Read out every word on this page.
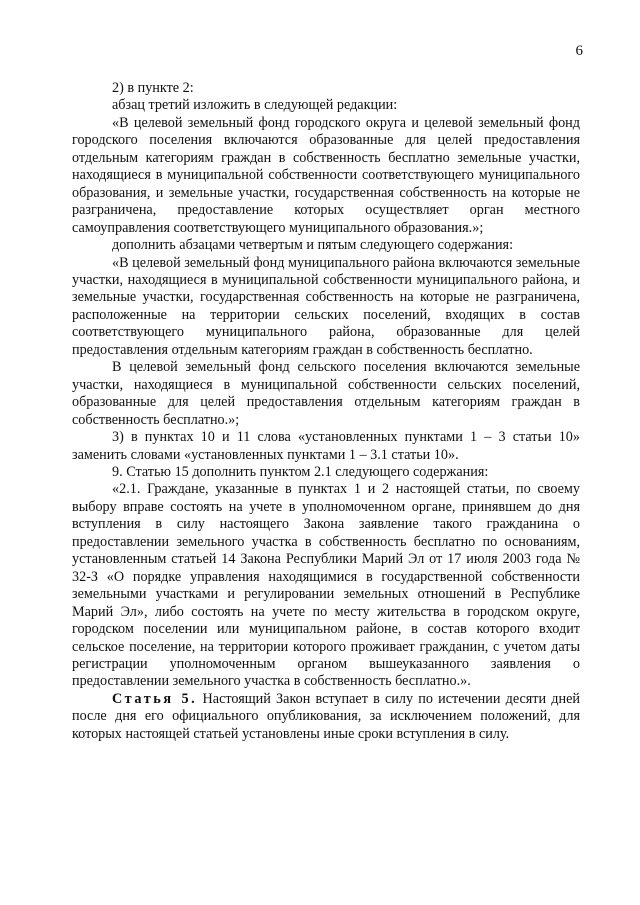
6

2) в пункте 2:

абзац третий изложить в следующей редакции:

«В целевой земельный фонд городского округа и целевой земельный фонд городского поселения включаются образованные для целей предоставления отдельным категориям граждан в собственность бесплатно земельные участки, находящиеся в муниципальной собственности соответствующего муниципального образования, и земельные участки, государственная собственность на которые не разграничена, предоставление которых осуществляет орган местного самоуправления соответствующего муниципального образования.»;

дополнить абзацами четвертым и пятым следующего содержания:

«В целевой земельный фонд муниципального района включаются земельные участки, находящиеся в муниципальной собственности муниципального района, и земельные участки, государственная собственность на которые не разграничена, расположенные на территории сельских поселений, входящих в состав соответствующего муниципального района, образованные для целей предоставления отдельным категориям граждан в собственность бесплатно.

В целевой земельный фонд сельского поселения включаются земельные участки, находящиеся в муниципальной собственности сельских поселений, образованные для целей предоставления отдельным категориям граждан в собственность бесплатно.»;

3) в пунктах 10 и 11 слова «установленных пунктами 1 – 3 статьи 10» заменить словами «установленных пунктами 1 – 3.1 статьи 10».

9. Статью 15 дополнить пунктом 2.1 следующего содержания:

«2.1. Граждане, указанные в пунктах 1 и 2 настоящей статьи, по своему выбору вправе состоять на учете в уполномоченном органе, принявшем до дня вступления в силу настоящего Закона заявление такого гражданина о предоставлении земельного участка в собственность бесплатно по основаниям, установленным статьей 14 Закона Республики Марий Эл от 17 июля 2003 года № 32-З «О порядке управления находящимися в государственной собственности земельными участками и регулировании земельных отношений в Республике Марий Эл», либо состоять на учете по месту жительства в городском округе, городском поселении или муниципальном районе, в состав которого входит сельское поселение, на территории которого проживает гражданин, с учетом даты регистрации уполномоченным органом вышеуказанного заявления о предоставлении земельного участка в собственность бесплатно.».

Статья 5. Настоящий Закон вступает в силу по истечении десяти дней после дня его официального опубликования, за исключением положений, для которых настоящей статьей установлены иные сроки вступления в силу.
